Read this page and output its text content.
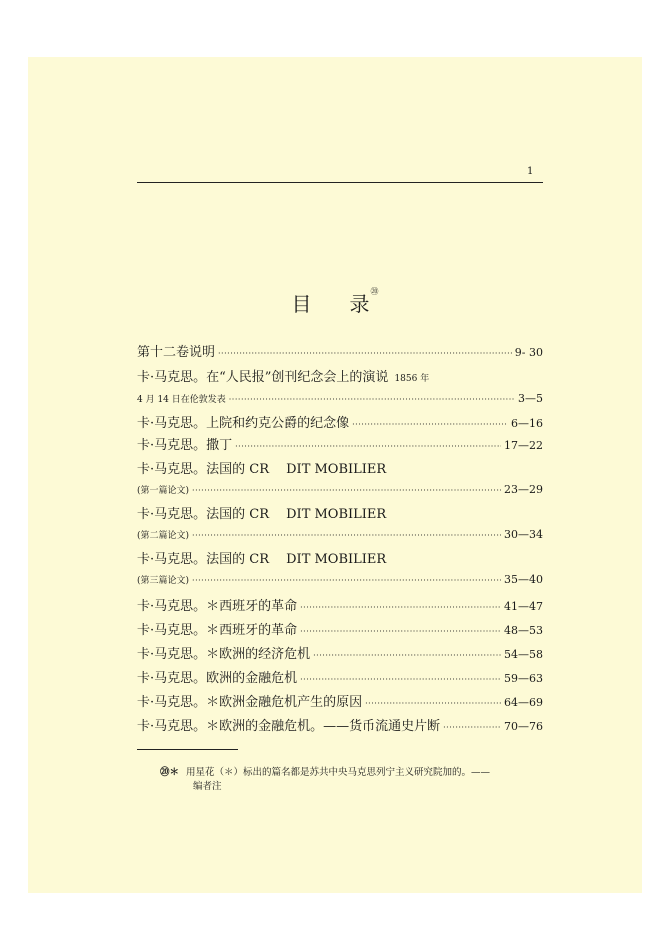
1
目 录⑳
第十二卷说明 ·····	9- 30
卡·马克思。在“人民报”创刊纪念会上的演说 1856 年
4 月 14 日在伦敦发表 ·····	3—5
卡·马克思。上院和约克公爵的纪念像 ·····	6—16
卡·马克思。撒丁 ·····	17—22
卡·马克思。法国的 CR　 DIT MOBILIER
(第一篇论文) ·····	23—29
卡·马克思。法国的 CR　 DIT MOBILIER
(第二篇论文) ·····	30—34
卡·马克思。法国的 CR　 DIT MOBILIER
(第三篇论文) ·····	35—40
卡·马克思。＊西班牙的革命 ·····	41—47
卡·马克思。＊西班牙的革命 ·····	48—53
卡·马克思。＊欧洲的经济危机 ·····	54—58
卡·马克思。欧洲的金融危机 ·····	59—63
卡·马克思。＊欧洲金融危机产生的原因 ·····	64—69
卡·马克思。＊欧洲的金融危机。——货币流通史片断 ·····	70—76
⑳＊ 用星花（＊）标出的篇名都是苏共中央马克思列宁主义研究院加的。——
编者注
